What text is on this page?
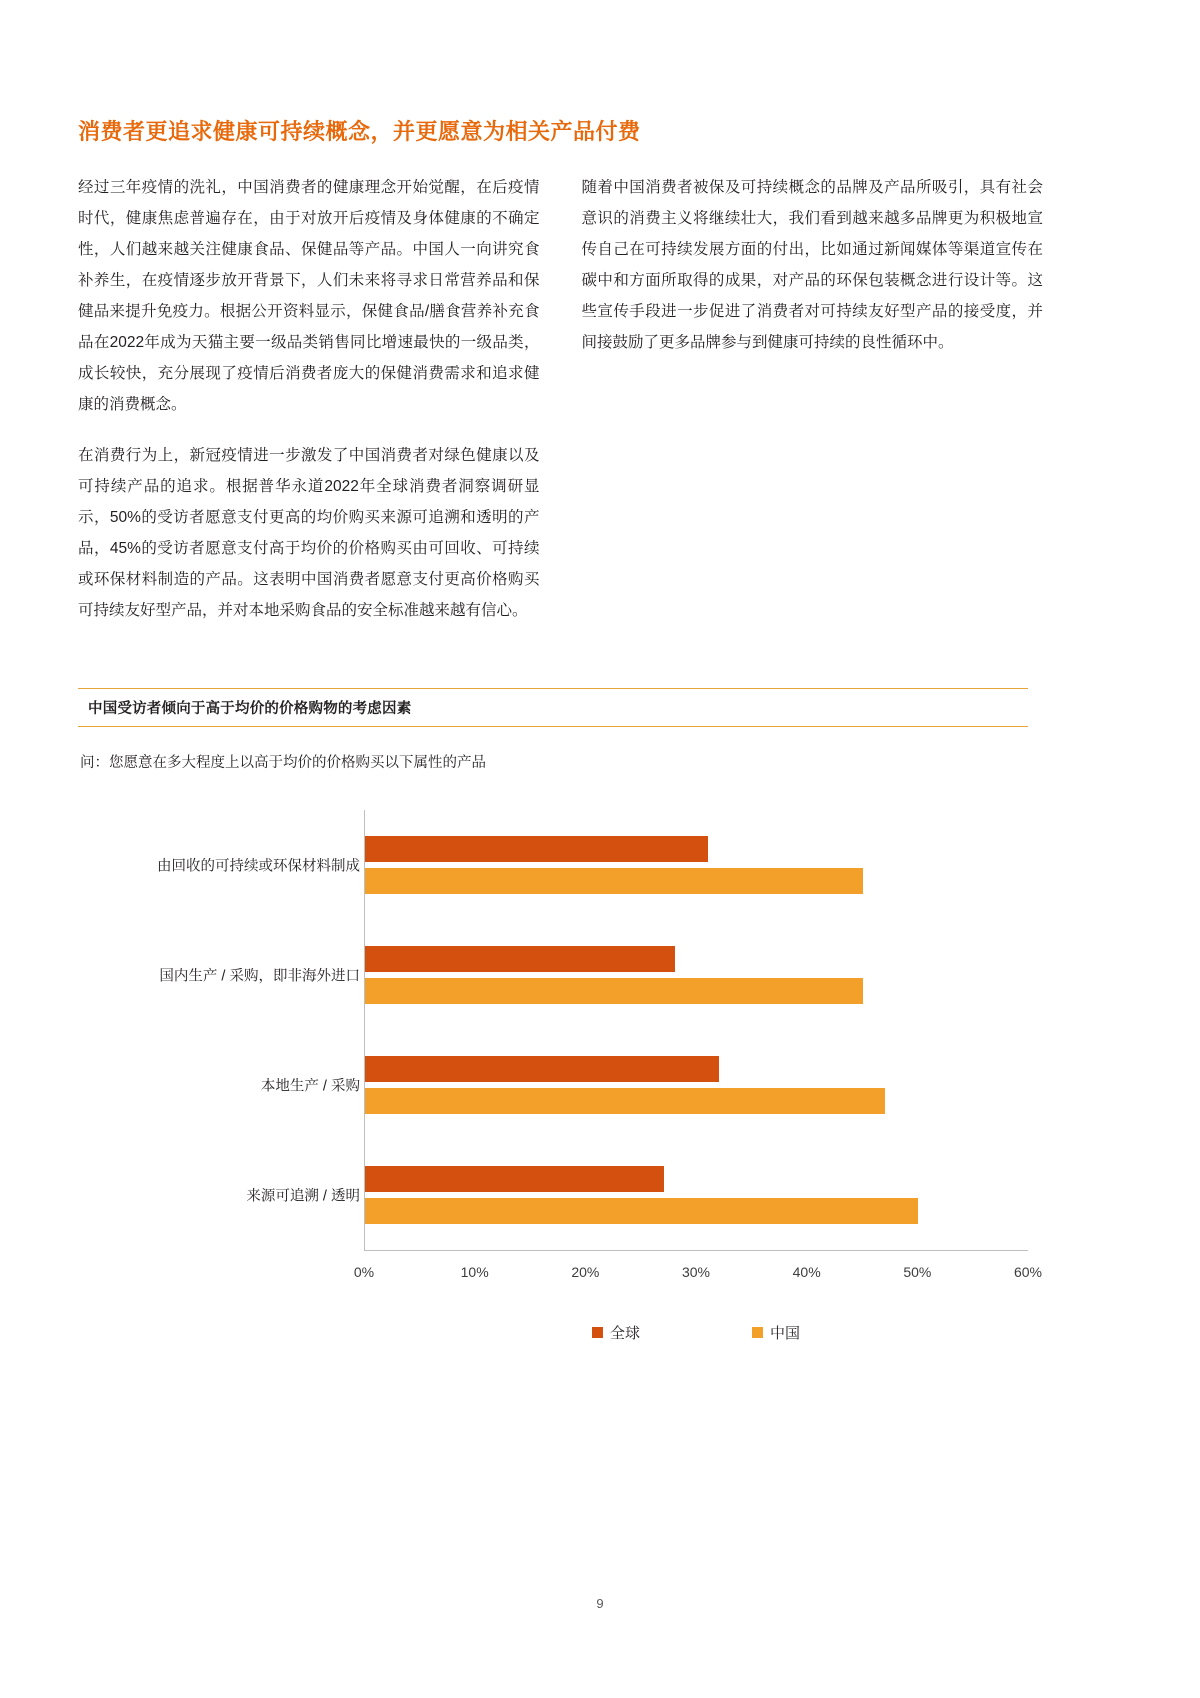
消费者更追求健康可持续概念，并更愿意为相关产品付费

经过三年疫情的洗礼，中国消费者的健康理念开始觉醒，在后疫情时代，健康焦虑普遍存在，由于对放开后疫情及身体健康的不确定性，人们越来越关注健康食品、保健品等产品。中国人一向讲究食补养生，在疫情逐步放开背景下，人们未来将寻求日常营养品和保健品来提升免疫力。根据公开资料显示，保健食品/膳食营养补充食品在2022年成为天猫主要一级品类销售同比增速最快的一级品类，成长较快，充分展现了疫情后消费者庞大的保健消费需求和追求健康的消费概念。

在消费行为上，新冠疫情进一步激发了中国消费者对绿色健康以及可持续产品的追求。根据普华永道2022年全球消费者洞察调研显示，50%的受访者愿意支付更高的均价购买来源可追溯和透明的产品，45%的受访者愿意支付高于均价的价格购买由可回收、可持续或环保材料制造的产品。这表明中国消费者愿意支付更高价格购买可持续友好型产品，并对本地采购食品的安全标准越来越有信心。

随着中国消费者被保及可持续概念的品牌及产品所吸引，具有社会意识的消费主义将继续壮大，我们看到越来越多品牌更为积极地宣传自己在可持续发展方面的付出，比如通过新闻媒体等渠道宣传在碳中和方面所取得的成果，对产品的环保包装概念进行设计等。这些宣传手段进一步促进了消费者对可持续友好型产品的接受度，并间接鼓励了更多品牌参与到健康可持续的良性循环中。

中国受访者倾向于高于均价的价格购物的考虑因素
问：您愿意在多大程度上以高于均价的价格购买以下属性的产品
由回收的可持续或环保材料制成
国内生产 / 采购，即非海外进口
本地生产 / 采购
来源可追溯 / 透明
0%	10%	20%	30%	40%	50%	60%
全球	中国
9
